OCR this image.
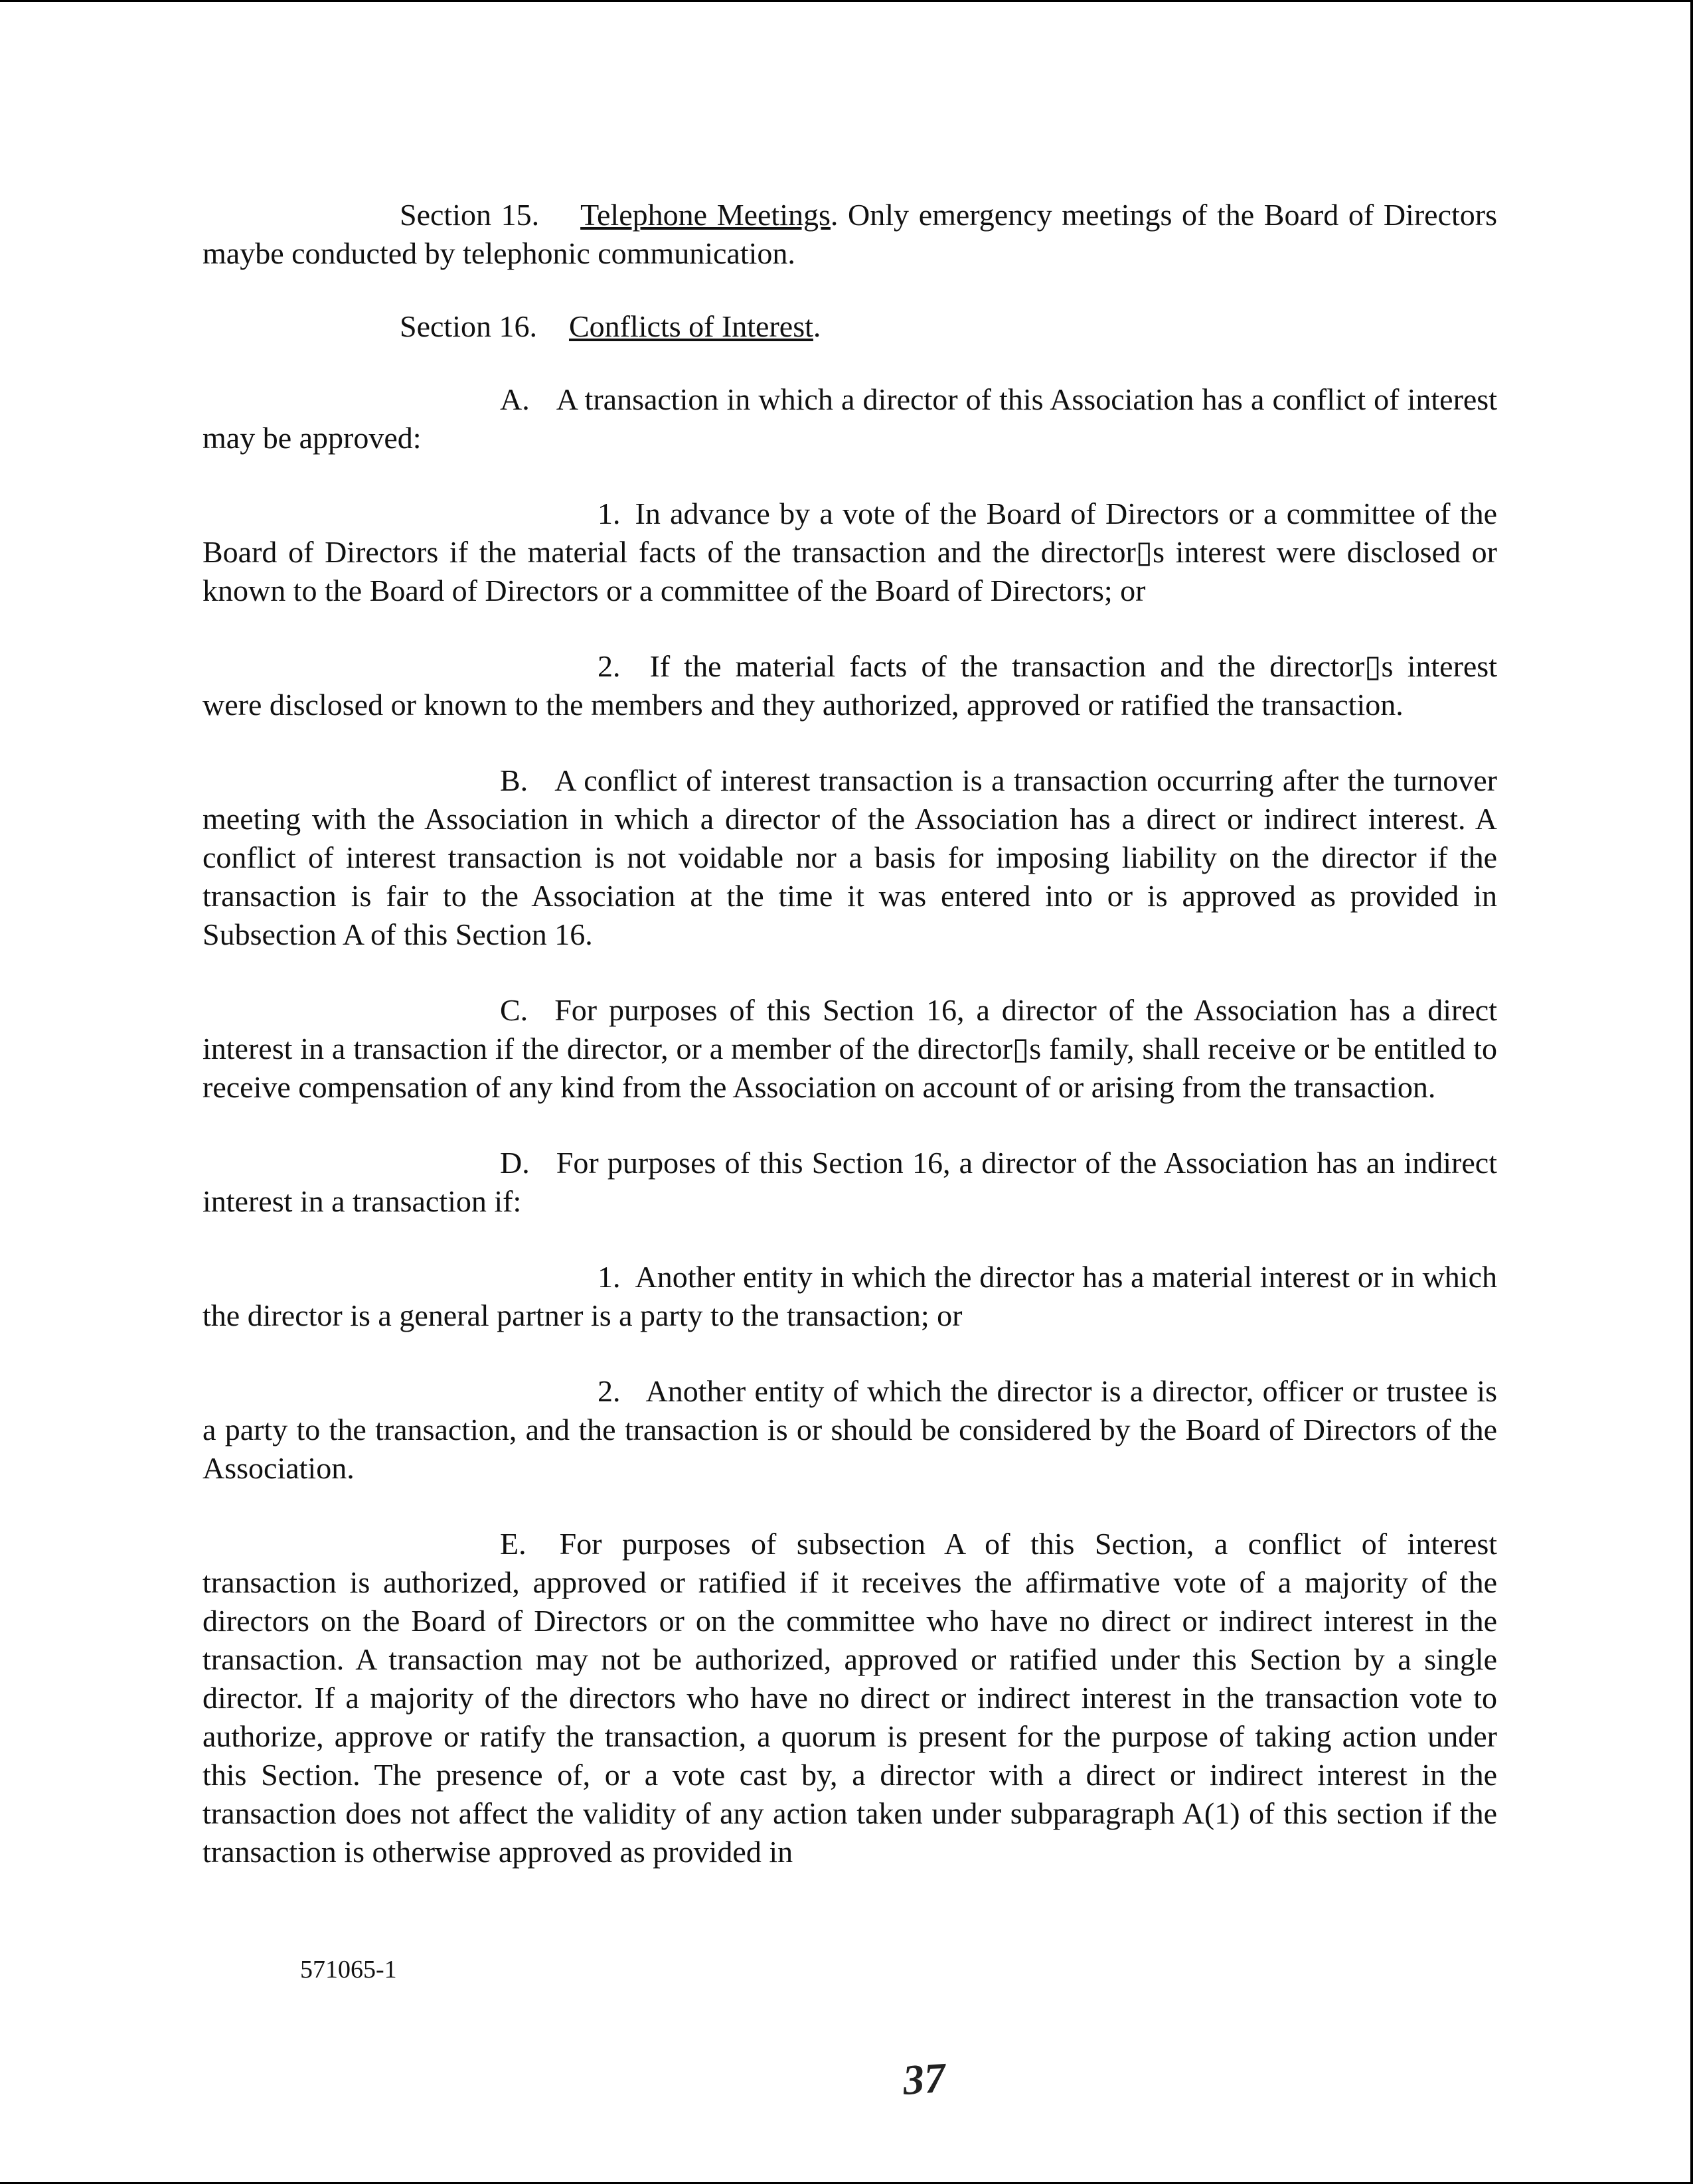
Section 15. Telephone Meetings. Only emergency meetings of the Board of Directors maybe conducted by telephonic communication.

Section 16. Conflicts of Interest.

A. A transaction in which a director of this Association has a conflict of interest may be approved:

1. In advance by a vote of the Board of Directors or a committee of the Board of Directors if the material facts of the transaction and the director▯s interest were disclosed or known to the Board of Directors or a committee of the Board of Directors; or

2. If the material facts of the transaction and the director▯s interest were disclosed or known to the members and they authorized, approved or ratified the transaction.

B. A conflict of interest transaction is a transaction occurring after the turnover meeting with the Association in which a director of the Association has a direct or indirect interest. A conflict of interest transaction is not voidable nor a basis for imposing liability on the director if the transaction is fair to the Association at the time it was entered into or is approved as provided in Subsection A of this Section 16.

C. For purposes of this Section 16, a director of the Association has a direct interest in a transaction if the director, or a member of the director▯s family, shall receive or be entitled to receive compensation of any kind from the Association on account of or arising from the transaction.

D. For purposes of this Section 16, a director of the Association has an indirect interest in a transaction if:

1. Another entity in which the director has a material interest or in which the director is a general partner is a party to the transaction; or

2. Another entity of which the director is a director, officer or trustee is a party to the transaction, and the transaction is or should be considered by the Board of Directors of the Association.

E. For purposes of subsection A of this Section, a conflict of interest transaction is authorized, approved or ratified if it receives the affirmative vote of a majority of the directors on the Board of Directors or on the committee who have no direct or indirect interest in the transaction. A transaction may not be authorized, approved or ratified under this Section by a single director. If a majority of the directors who have no direct or indirect interest in the transaction vote to authorize, approve or ratify the transaction, a quorum is present for the purpose of taking action under this Section. The presence of, or a vote cast by, a director with a direct or indirect interest in the transaction does not affect the validity of any action taken under subparagraph A(1) of this section if the transaction is otherwise approved as provided in

571065-1
37
